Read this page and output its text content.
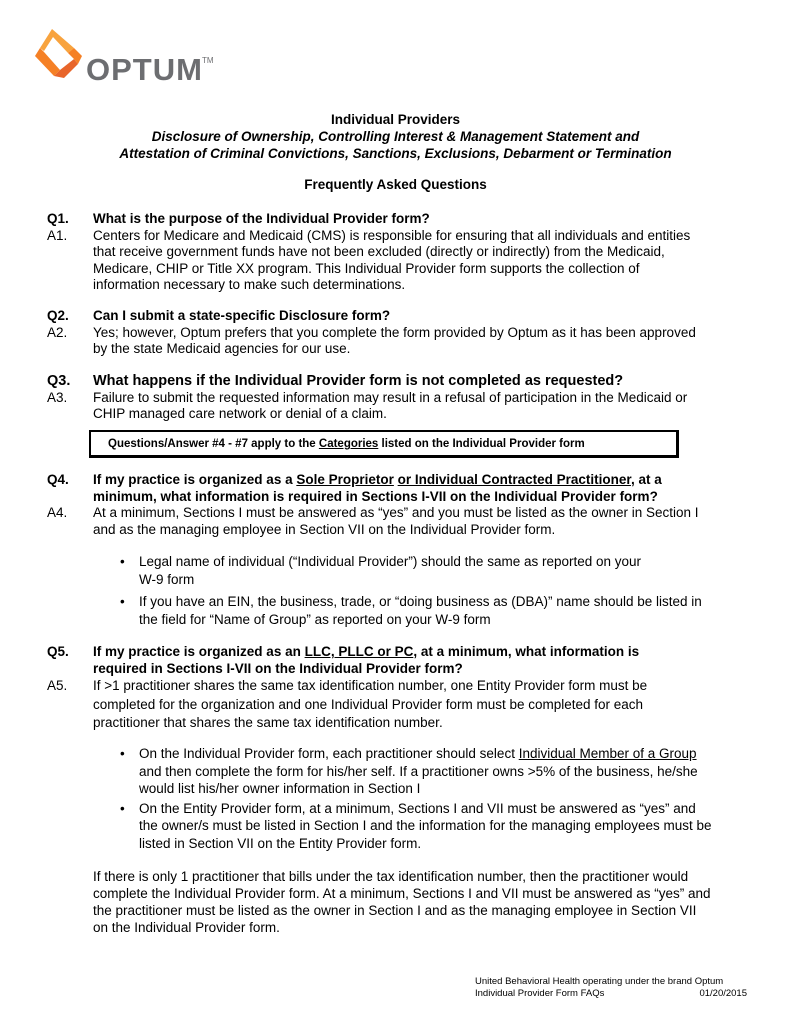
OPTUM TM
Individual Providers
Disclosure of Ownership, Controlling Interest & Management Statement and
Attestation of Criminal Convictions, Sanctions, Exclusions, Debarment or Termination
Frequently Asked Questions
Q1.	What is the purpose of the Individual Provider form?
A1.	Centers for Medicare and Medicaid (CMS) is responsible for ensuring that all individuals and entities
that receive government funds have not been excluded (directly or indirectly) from the Medicaid,
Medicare, CHIP or Title XX program. This Individual Provider form supports the collection of
information necessary to make such determinations.
Q2.	Can I submit a state-specific Disclosure form?
A2.	Yes; however, Optum prefers that you complete the form provided by Optum as it has been approved
by the state Medicaid agencies for our use.
Q3.	What happens if the Individual Provider form is not completed as requested?
A3.	Failure to submit the requested information may result in a refusal of participation in the Medicaid or
CHIP managed care network or denial of a claim.
Questions/Answer #4 - #7 apply to the Categories listed on the Individual Provider form
Q4.	If my practice is organized as a Sole Proprietor or Individual Contracted Practitioner, at a
minimum, what information is required in Sections I-VII on the Individual Provider form?
A4.	At a minimum, Sections I must be answered as “yes” and you must be listed as the owner in Section I
and as the managing employee in Section VII on the Individual Provider form.
• Legal name of individual (“Individual Provider”) should the same as reported on your
W-9 form
• If you have an EIN, the business, trade, or “doing business as (DBA)” name should be listed in
the field for “Name of Group” as reported on your W-9 form
Q5.	If my practice is organized as an LLC, PLLC or PC, at a minimum, what information is
required in Sections I-VII on the Individual Provider form?
A5.	If >1 practitioner shares the same tax identification number, one Entity Provider form must be
completed for the organization and one Individual Provider form must be completed for each
practitioner that shares the same tax identification number.
• On the Individual Provider form, each practitioner should select Individual Member of a Group
and then complete the form for his/her self. If a practitioner owns >5% of the business, he/she
would list his/her owner information in Section I
• On the Entity Provider form, at a minimum, Sections I and VII must be answered as “yes” and
the owner/s must be listed in Section I and the information for the managing employees must be
listed in Section VII on the Entity Provider form.
If there is only 1 practitioner that bills under the tax identification number, then the practitioner would
complete the Individual Provider form. At a minimum, Sections I and VII must be answered as “yes” and
the practitioner must be listed as the owner in Section I and as the managing employee in Section VII
on the Individual Provider form.
United Behavioral Health operating under the brand Optum
Individual Provider Form FAQs	01/20/2015
